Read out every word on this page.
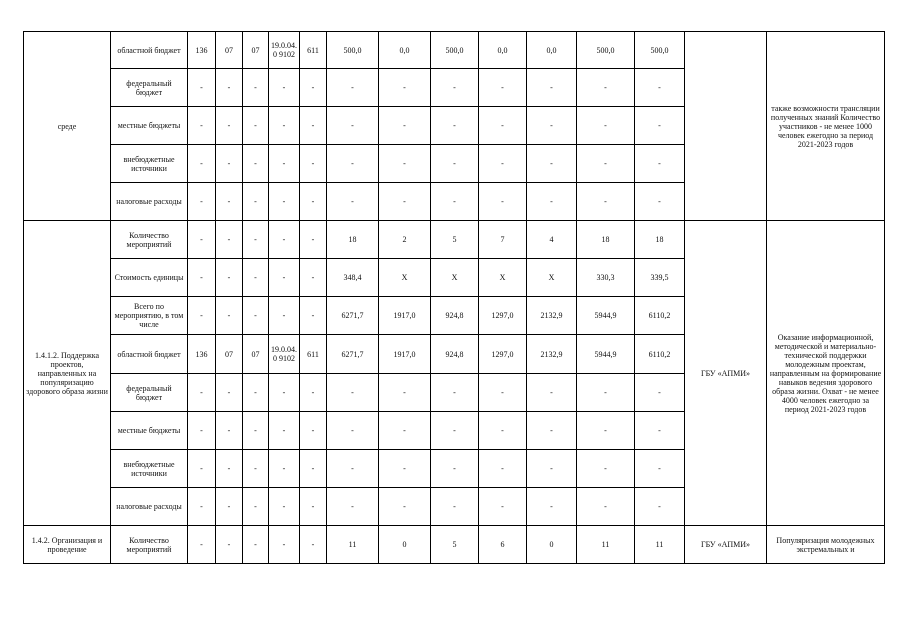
среде	областной бюджет	136	07	07	19.0.04.0 9102	611	500,0	0,0	500,0	0,0	0,0	500,0	500,0		также возможности трансляции полученных знаний Количество участников - не менее 1000 человек ежегодно за период 2021-2023 годов
	федеральный бюджет	-	-	-	-	-	-	-	-	-	-	-	-		
	местные бюджеты	-	-	-	-	-	-	-	-	-	-	-	-		
	внебюджетные источники	-	-	-	-	-	-	-	-	-	-	-	-		
	налоговые расходы	-	-	-	-	-	-	-	-	-	-	-	-		
1.4.1.2. Поддержка проектов, направленных на популяризацию здорового образа жизни	Количество мероприятий	-	-	-	-	-	18	2	5	7	4	18	18	ГБУ «АПМИ»	Оказание информационной, методической и материально-технической поддержки молодежным проектам, направленным на формирование навыков ведения здорового образа жизни. Охват - не менее 4000 человек ежегодно за период 2021-2023 годов
	Стоимость единицы	-	-	-	-	-	348,4	Х	Х	Х	Х	330,3	339,5		
	Всего по мероприятию, в том числе	-	-	-	-	-	6271,7	1917,0	924,8	1297,0	2132,9	5944,9	6110,2		
	областной бюджет	136	07	07	19.0.04.0 9102	611	6271,7	1917,0	924,8	1297,0	2132,9	5944,9	6110,2		
	федеральный бюджет	-	-	-	-	-	-	-	-	-	-	-	-		
	местные бюджеты	-	-	-	-	-	-	-	-	-	-	-	-		
	внебюджетные источники	-	-	-	-	-	-	-	-	-	-	-	-		
	налоговые расходы	-	-	-	-	-	-	-	-	-	-	-	-		
1.4.2. Организация и проведение	Количество мероприятий	-	-	-	-	-	11	0	5	6	0	11	11	ГБУ «АПМИ»	Популяризация молодежных экстремальных и
